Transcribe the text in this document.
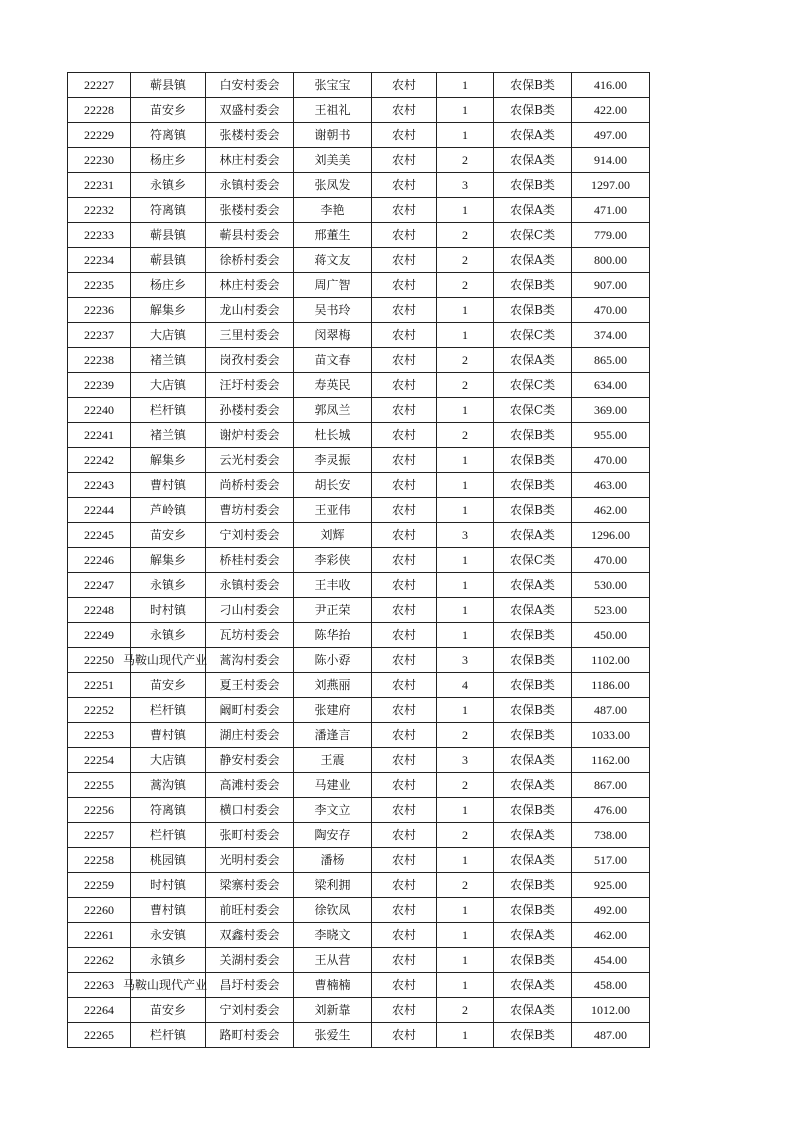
22227	蕲县镇	白安村委会	张宝宝	农村	1	农保B类	416.00
22228	苗安乡	双盛村委会	王祖礼	农村	1	农保B类	422.00
22229	符离镇	张楼村委会	谢朝书	农村	1	农保A类	497.00
22230	杨庄乡	林庄村委会	刘美美	农村	2	农保A类	914.00
22231	永镇乡	永镇村委会	张凤发	农村	3	农保B类	1297.00
22232	符离镇	张楼村委会	李艳	农村	1	农保A类	471.00
22233	蕲县镇	蕲县村委会	邢董生	农村	2	农保C类	779.00
22234	蕲县镇	徐桥村委会	蒋文友	农村	2	农保A类	800.00
22235	杨庄乡	林庄村委会	周广智	农村	2	农保B类	907.00
22236	解集乡	龙山村委会	吴书玲	农村	1	农保B类	470.00
22237	大店镇	三里村委会	闵翠梅	农村	1	农保C类	374.00
22238	褚兰镇	岗孜村委会	苗文春	农村	2	农保A类	865.00
22239	大店镇	汪圩村委会	寿英民	农村	2	农保C类	634.00
22240	栏杆镇	孙楼村委会	郭凤兰	农村	1	农保C类	369.00
22241	褚兰镇	谢炉村委会	杜长城	农村	2	农保B类	955.00
22242	解集乡	云光村委会	李灵振	农村	1	农保B类	470.00
22243	曹村镇	尚桥村委会	胡长安	农村	1	农保B类	463.00
22244	芦岭镇	曹坊村委会	王亚伟	农村	1	农保B类	462.00
22245	苗安乡	宁刘村委会	刘辉	农村	3	农保A类	1296.00
22246	解集乡	桥桂村委会	李彩侠	农村	1	农保C类	470.00
22247	永镇乡	永镇村委会	王丰收	农村	1	农保A类	530.00
22248	时村镇	刁山村委会	尹正荣	农村	1	农保A类	523.00
22249	永镇乡	瓦坊村委会	陈华抬	农村	1	农保B类	450.00
22250	马鞍山现代产业	蒿沟村委会	陈小孬	农村	3	农保B类	1102.00
22251	苗安乡	夏王村委会	刘燕丽	农村	4	农保B类	1186.00
22252	栏杆镇	阚町村委会	张建府	农村	1	农保B类	487.00
22253	曹村镇	湖庄村委会	潘逢言	农村	2	农保B类	1033.00
22254	大店镇	静安村委会	王震	农村	3	农保A类	1162.00
22255	蒿沟镇	高滩村委会	马建业	农村	2	农保A类	867.00
22256	符离镇	横口村委会	李文立	农村	1	农保B类	476.00
22257	栏杆镇	张町村委会	陶安存	农村	2	农保A类	738.00
22258	桃园镇	光明村委会	潘杨	农村	1	农保A类	517.00
22259	时村镇	梁寨村委会	梁利拥	农村	2	农保B类	925.00
22260	曹村镇	前旺村委会	徐钦凤	农村	1	农保B类	492.00
22261	永安镇	双鑫村委会	李晓文	农村	1	农保A类	462.00
22262	永镇乡	关湖村委会	王从营	农村	1	农保B类	454.00
22263	马鞍山现代产业	昌圩村委会	曹楠楠	农村	1	农保A类	458.00
22264	苗安乡	宁刘村委会	刘新靠	农村	2	农保A类	1012.00
22265	栏杆镇	路町村委会	张爱生	农村	1	农保B类	487.00
